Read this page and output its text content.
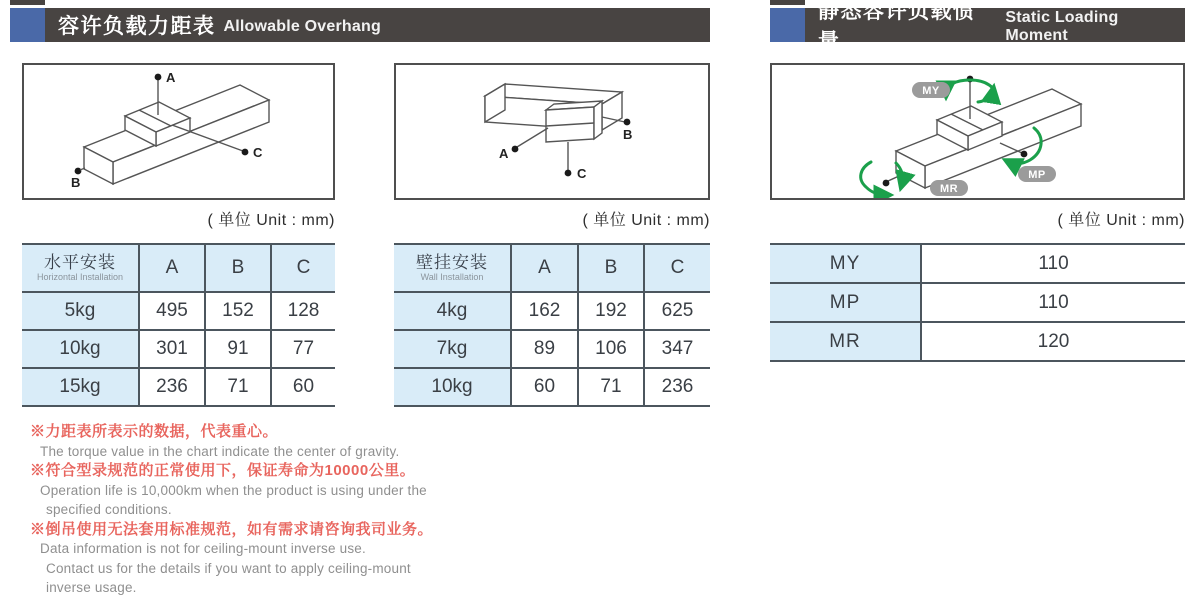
容许负载力距表 Allowable Overhang
静态容许负载惯量
Static Loading Moment
A
C
B
B
A
C
MY
MP
MR
( 单位 Unit : mm)	( 单位 Unit : mm)	( 单位 Unit : mm)
水平安装
Horizontal Installation	A	B	C
5kg	495	152	128
10kg	301	91	77
15kg	236	71	60
壁挂安装
Wall Installation	A	B	C
4kg	162	192	625
7kg	89	106	347
10kg	60	71	236
MY	110
MP	110
MR	120
※力距表所表示的数据，代表重心。
The torque value in the chart indicate the center of gravity.
※符合型录规范的正常使用下，保证寿命为10000公里。
Operation life is 10,000km when the product is using under the
specified conditions.
※倒吊使用无法套用标准规范，如有需求请咨询我司业务。
Data information is not for ceiling-mount inverse use.
Contact us for the details if you want to apply ceiling-mount
inverse usage.
